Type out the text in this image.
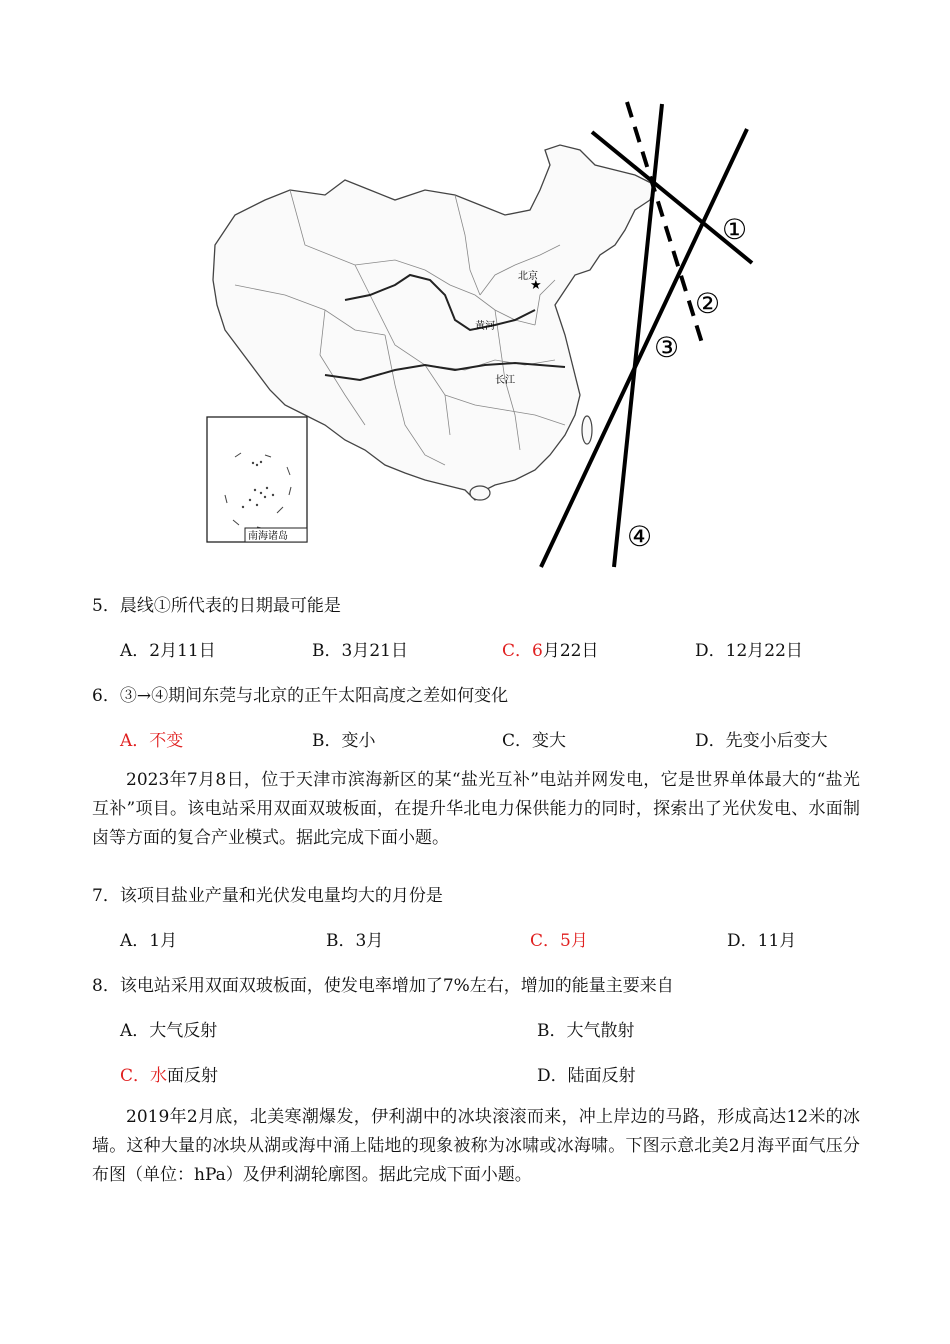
★
北京
黄河
长江
南海诸岛
①
②
③
④
5．晨线①所代表的日期最可能是
A．2月11日	B．3月21日	C．6月22日	D．12月22日
6．③→④期间东莞与北京的正午太阳高度之差如何变化
A．不变	B．变小	C．变大	D．先变小后变大
2023年7月8日，位于天津市滨海新区的某“盐光互补”电站并网发电，它是世界单体最大的“盐光互补”项目。该电站采用双面双玻板面，在提升华北电力保供能力的同时，探索出了光伏发电、水面制卤等方面的复合产业模式。据此完成下面小题。
7．该项目盐业产量和光伏发电量均大的月份是
A．1月	B．3月	C．5月	D．11月
8．该电站采用双面双玻板面，使发电率增加了7%左右，增加的能量主要来自
A．大气反射	B．大气散射
C．水面反射	D．陆面反射
2019年2月底，北美寒潮爆发，伊利湖中的冰块滚滚而来，冲上岸边的马路，形成高达12米的冰墙。这种大量的冰块从湖或海中涌上陆地的现象被称为冰啸或冰海啸。下图示意北美2月海平面气压分布图（单位：hPa）及伊利湖轮廓图。据此完成下面小题。
